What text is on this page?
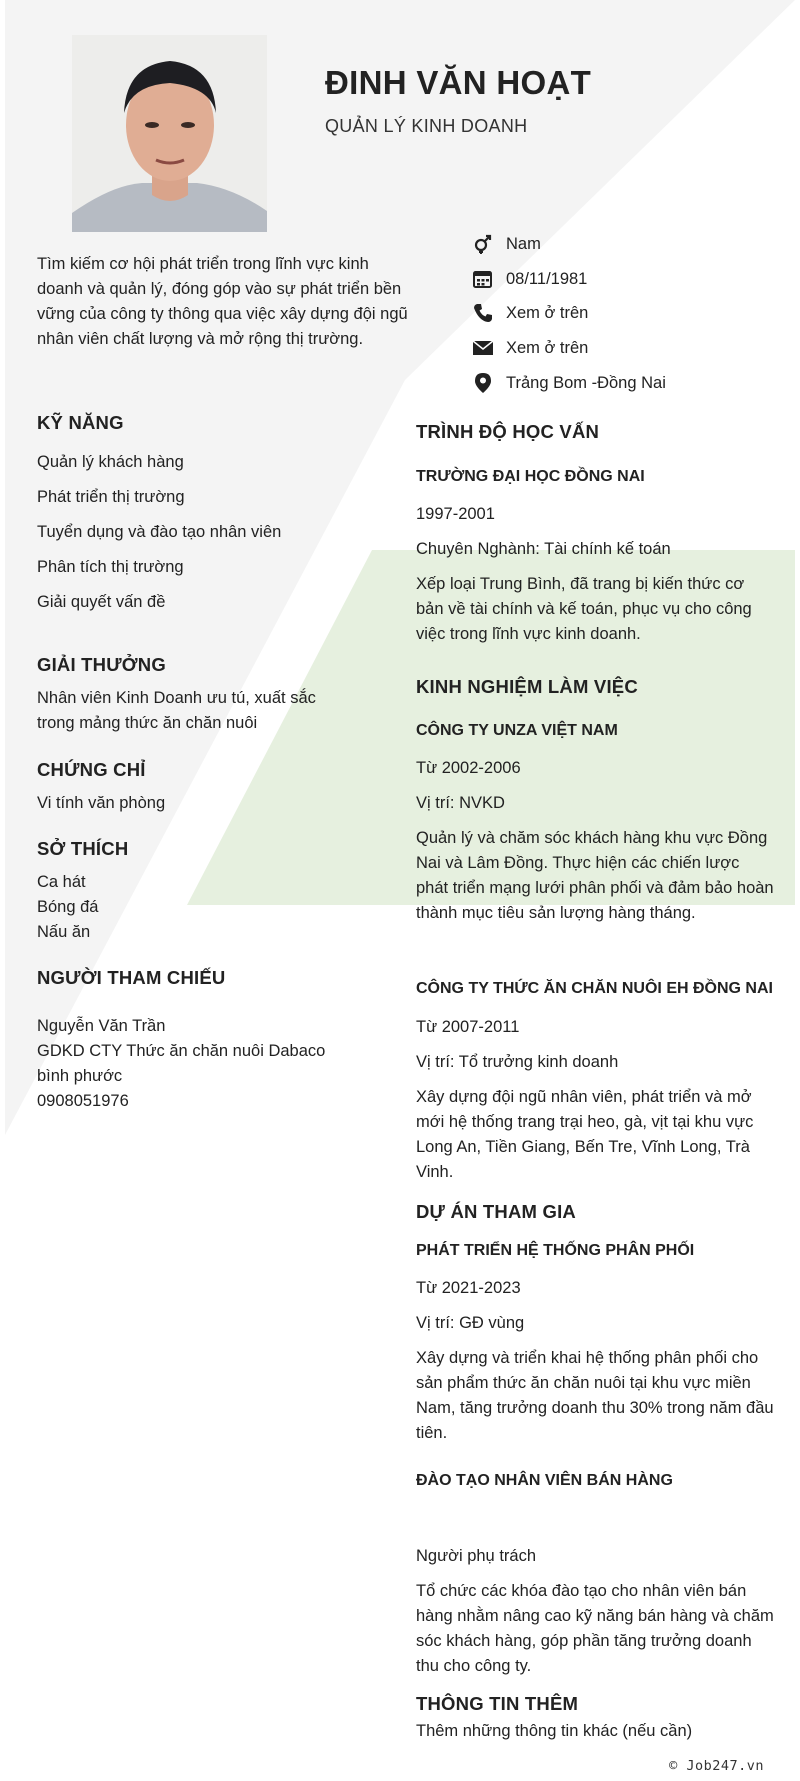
ĐINH VĂN HOẠT
QUẢN LÝ KINH DOANH
Tìm kiếm cơ hội phát triển trong lĩnh vực kinh doanh và quản lý, đóng góp vào sự phát triển bền vững của công ty thông qua việc xây dựng đội ngũ nhân viên chất lượng và mở rộng thị trường.
Nam
08/11/1981
Xem ở trên
Xem ở trên
Trảng Bom -Đồng Nai
KỸ NĂNG
Quản lý khách hàng
Phát triển thị trường
Tuyển dụng và đào tạo nhân viên
Phân tích thị trường
Giải quyết vấn đề
GIẢI THƯỞNG
Nhân viên Kinh Doanh ưu tú, xuất sắc trong mảng thức ăn chăn nuôi
CHỨNG CHỈ
Vi tính văn phòng
SỞ THÍCH
Ca hát
Bóng đá
Nấu ăn
NGƯỜI THAM CHIẾU
Nguyễn Văn Trần
GDKD CTY Thức ăn chăn nuôi Dabaco bình phước
0908051976
TRÌNH ĐỘ HỌC VẤN
TRƯỜNG ĐẠI HỌC ĐỒNG NAI
1997-2001
Chuyên Nghành: Tài chính kế toán
Xếp loại Trung Bình, đã trang bị kiến thức cơ bản về tài chính và kế toán, phục vụ cho công việc trong lĩnh vực kinh doanh.
KINH NGHIỆM LÀM VIỆC
CÔNG TY UNZA VIỆT NAM
Từ 2002-2006
Vị trí: NVKD
Quản lý và chăm sóc khách hàng khu vực Đồng Nai và Lâm Đồng. Thực hiện các chiến lược phát triển mạng lưới phân phối và đảm bảo hoàn thành mục tiêu sản lượng hàng tháng.
CÔNG TY THỨC ĂN CHĂN NUÔI EH ĐỒNG NAI
Từ 2007-2011
Vị trí: Tổ trưởng kinh doanh
Xây dựng đội ngũ nhân viên, phát triển và mở mới hệ thống trang trại heo, gà, vịt tại khu vực Long An, Tiền Giang, Bến Tre, Vĩnh Long, Trà Vinh.
DỰ ÁN THAM GIA
PHÁT TRIỂN HỆ THỐNG PHÂN PHỐI
Từ 2021-2023
Vị trí: GĐ vùng
Xây dựng và triển khai hệ thống phân phối cho sản phẩm thức ăn chăn nuôi tại khu vực miền Nam, tăng trưởng doanh thu 30% trong năm đầu tiên.
ĐÀO TẠO NHÂN VIÊN BÁN HÀNG
Người phụ trách
Tổ chức các khóa đào tạo cho nhân viên bán hàng nhằm nâng cao kỹ năng bán hàng và chăm sóc khách hàng, góp phần tăng trưởng doanh thu cho công ty.
THÔNG TIN THÊM
Thêm những thông tin khác (nếu cần)
© Job247.vn
